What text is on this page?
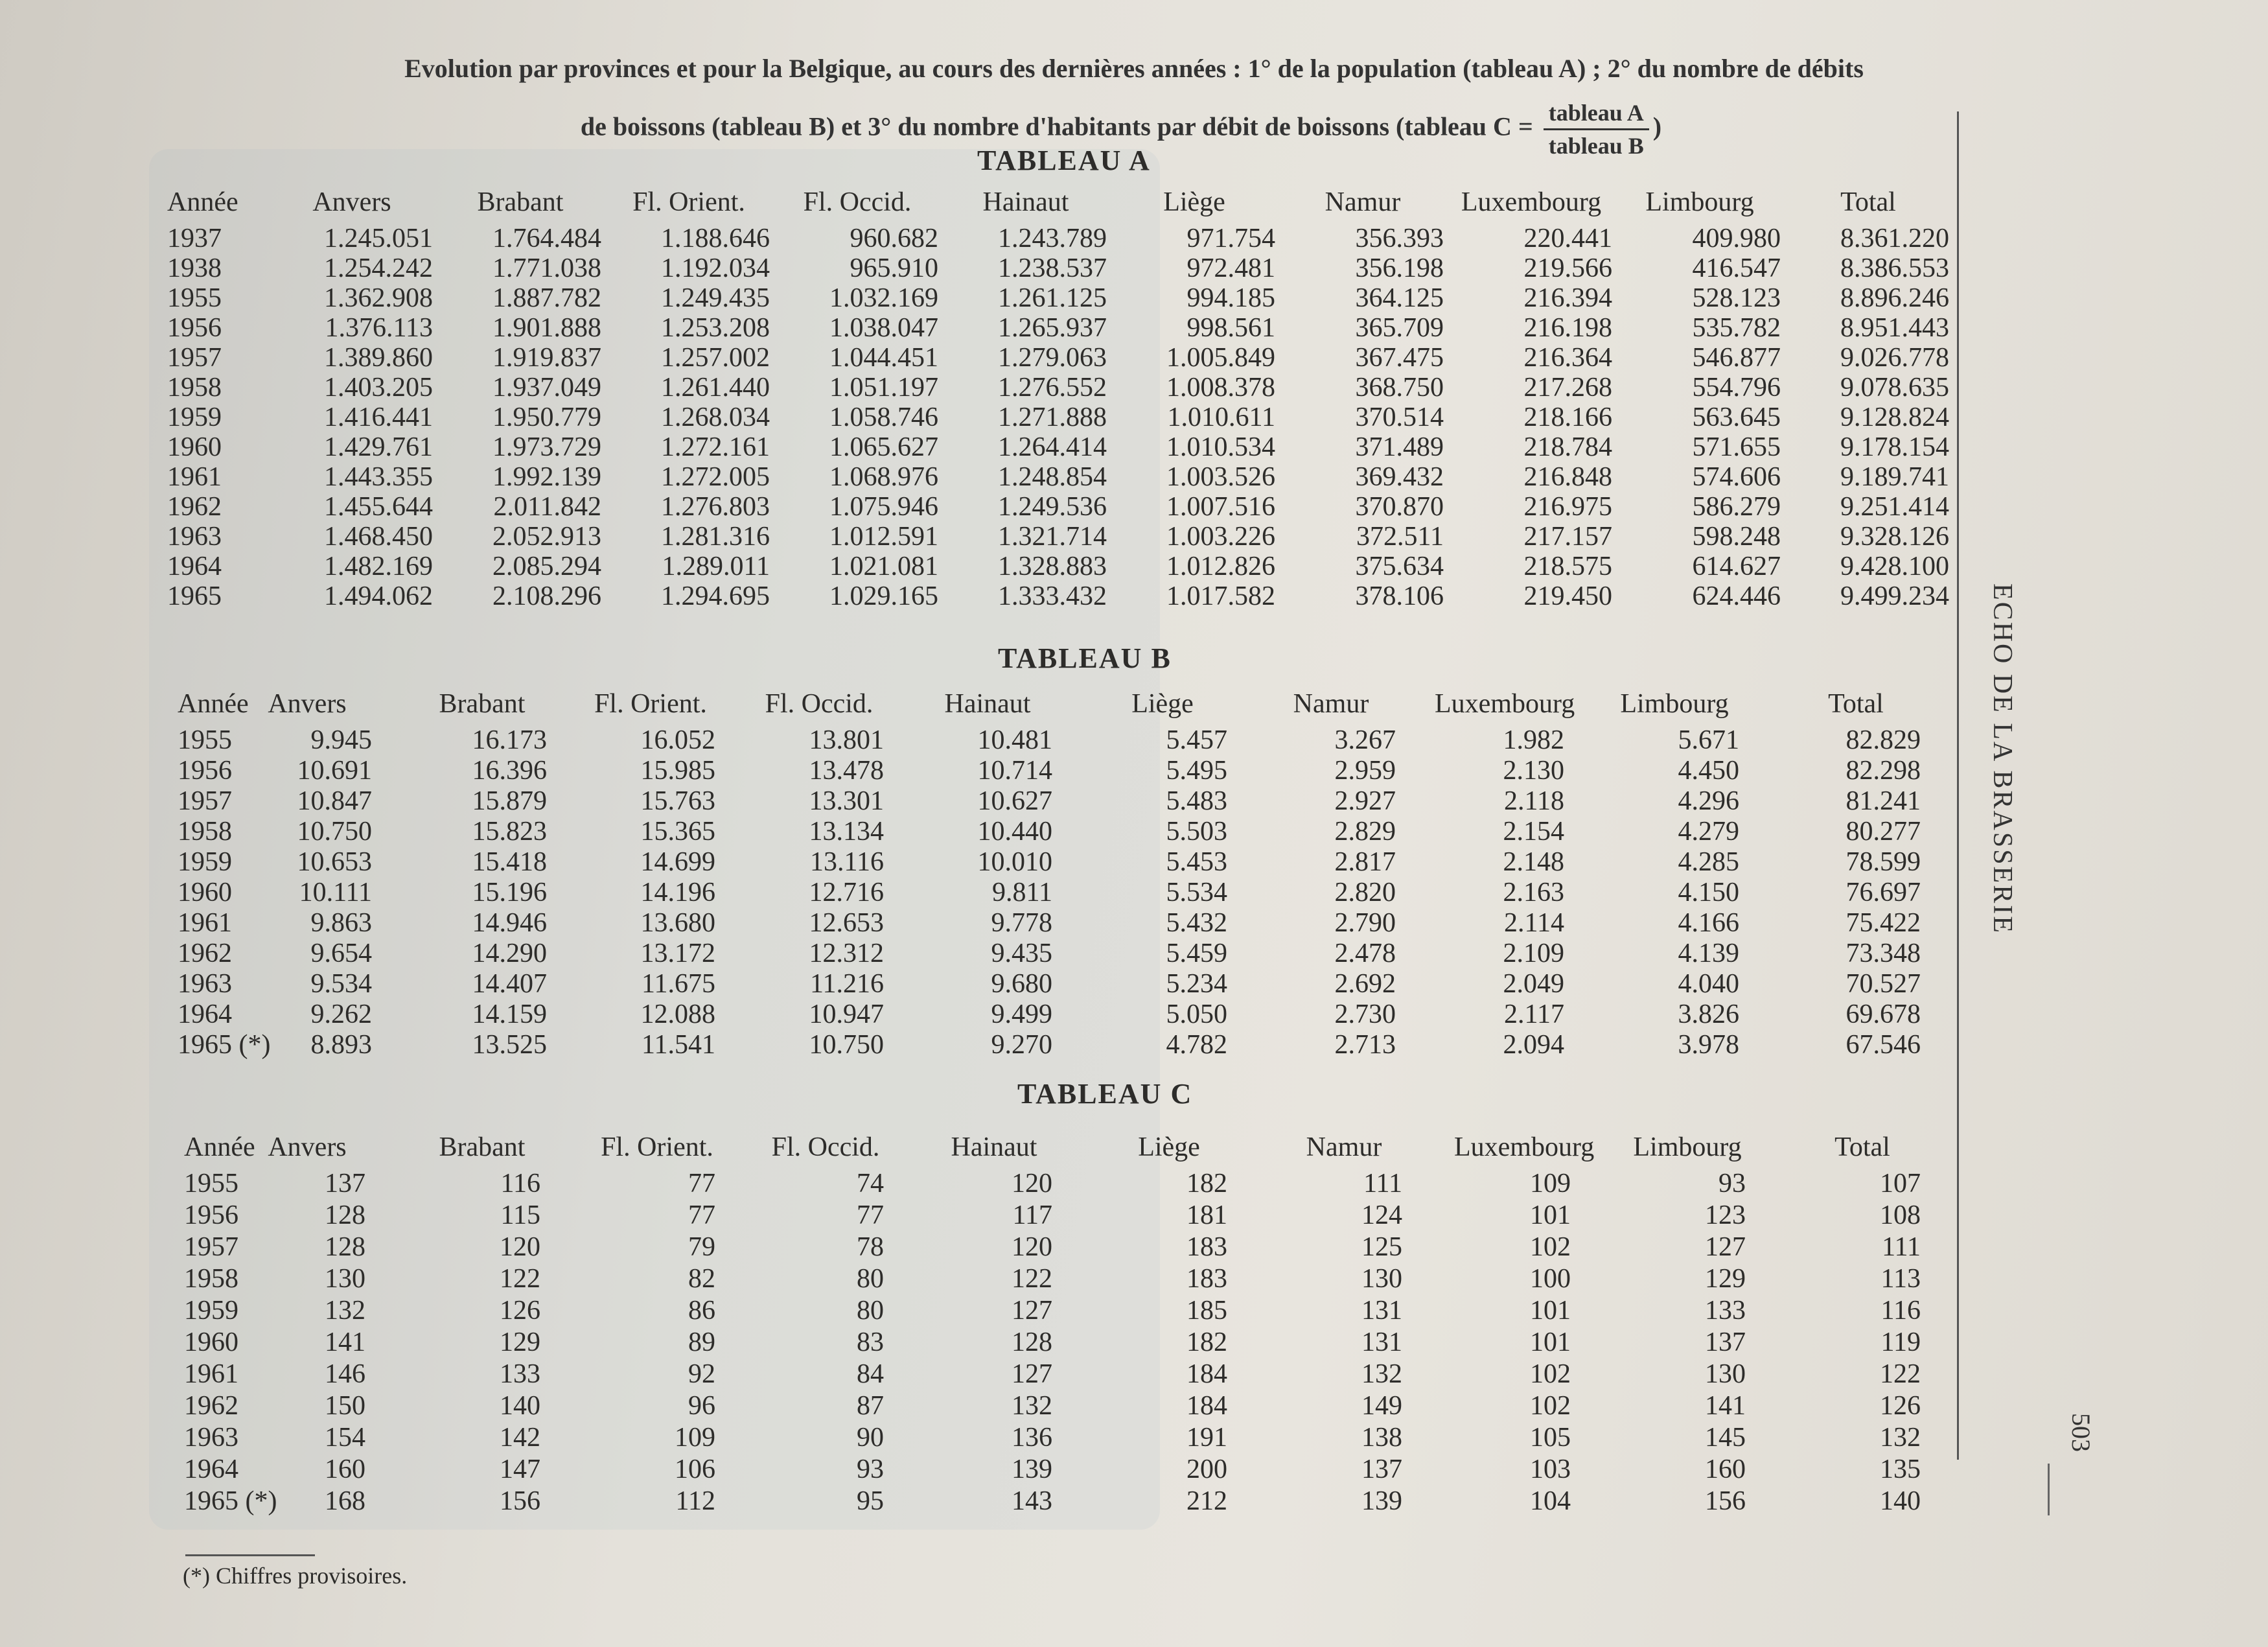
Evolution par provinces et pour la Belgique, au cours des dernières années : 1° de la population (tableau A) ; 2° du nombre de débits
de boissons (tableau B) et 3° du nombre d'habitants par débit de boissons (tableau $C = \frac{\text{tableau A}}{\text{tableau B}}$ )
TABLEAU A
Année	Anvers	Brabant	Fl. Orient.	Fl. Occid.	Hainaut	Liège	Namur	Luxembourg	Limbourg	Total
1937	1.245.051	1.764.484	1.188.646	960.682	1.243.789	971.754	356.393	220.441	409.980	8.361.220
1938	1.254.242	1.771.038	1.192.034	965.910	1.238.537	972.481	356.198	219.566	416.547	8.386.553
1955	1.362.908	1.887.782	1.249.435	1.032.169	1.261.125	994.185	364.125	216.394	528.123	8.896.246
1956	1.376.113	1.901.888	1.253.208	1.038.047	1.265.937	998.561	365.709	216.198	535.782	8.951.443
1957	1.389.860	1.919.837	1.257.002	1.044.451	1.279.063	1.005.849	367.475	216.364	546.877	9.026.778
1958	1.403.205	1.937.049	1.261.440	1.051.197	1.276.552	1.008.378	368.750	217.268	554.796	9.078.635
1959	1.416.441	1.950.779	1.268.034	1.058.746	1.271.888	1.010.611	370.514	218.166	563.645	9.128.824
1960	1.429.761	1.973.729	1.272.161	1.065.627	1.264.414	1.010.534	371.489	218.784	571.655	9.178.154
1961	1.443.355	1.992.139	1.272.005	1.068.976	1.248.854	1.003.526	369.432	216.848	574.606	9.189.741
1962	1.455.644	2.011.842	1.276.803	1.075.946	1.249.536	1.007.516	370.870	216.975	586.279	9.251.414
1963	1.468.450	2.052.913	1.281.316	1.012.591	1.321.714	1.003.226	372.511	217.157	598.248	9.328.126
1964	1.482.169	2.085.294	1.289.011	1.021.081	1.328.883	1.012.826	375.634	218.575	614.627	9.428.100
1965	1.494.062	2.108.296	1.294.695	1.029.165	1.333.432	1.017.582	378.106	219.450	624.446	9.499.234
TABLEAU B
Année Anvers	Brabant	Fl. Orient.	Fl. Occid.	Hainaut	Liège	Namur	Luxembourg	Limbourg	Total
1955	9.945	16.173	16.052	13.801	10.481	5.457	3.267	1.982	5.671	82.829
1956	10.691	16.396	15.985	13.478	10.714	5.495	2.959	2.130	4.450	82.298
1957	10.847	15.879	15.763	13.301	10.627	5.483	2.927	2.118	4.296	81.241
1958	10.750	15.823	15.365	13.134	10.440	5.503	2.829	2.154	4.279	80.277
1959	10.653	15.418	14.699	13.116	10.010	5.453	2.817	2.148	4.285	78.599
1960	10.111	15.196	14.196	12.716	9.811	5.534	2.820	2.163	4.150	76.697
1961	9.863	14.946	13.680	12.653	9.778	5.432	2.790	2.114	4.166	75.422
1962	9.654	14.290	13.172	12.312	9.435	5.459	2.478	2.109	4.139	73.348
1963	9.534	14.407	11.675	11.216	9.680	5.234	2.692	2.049	4.040	70.527
1964	9.262	14.159	12.088	10.947	9.499	5.050	2.730	2.117	3.826	69.678
1965 (*)	8.893	13.525	11.541	10.750	9.270	4.782	2.713	2.094	3.978	67.546
TABLEAU C
Année Anvers	Brabant	Fl. Orient. Fl. Occid.	Hainaut	Liège	Namur	Luxembourg Limbourg	Total
1955	137	116	77	74	120	182	111	109	93	107
1956	128	115	77	77	117	181	124	101	123	108
1957	128	120	79	78	120	183	125	102	127	111
1958	130	122	82	80	122	183	130	100	129	113
1959	132	126	86	80	127	185	131	101	133	116
1960	141	129	89	83	128	182	131	101	137	119
1961	146	133	92	84	127	184	132	102	130	122
1962	150	140	96	87	132	184	149	102	141	126
1963	154	142	109	90	136	191	138	105	145	132
1964	160	147	106	93	139	200	137	103	160	135
1965 (*)	168	156	112	95	143	212	139	104	156	140
ECHO DE LA BRASSERIE
503
(*) Chiffres provisoires.
